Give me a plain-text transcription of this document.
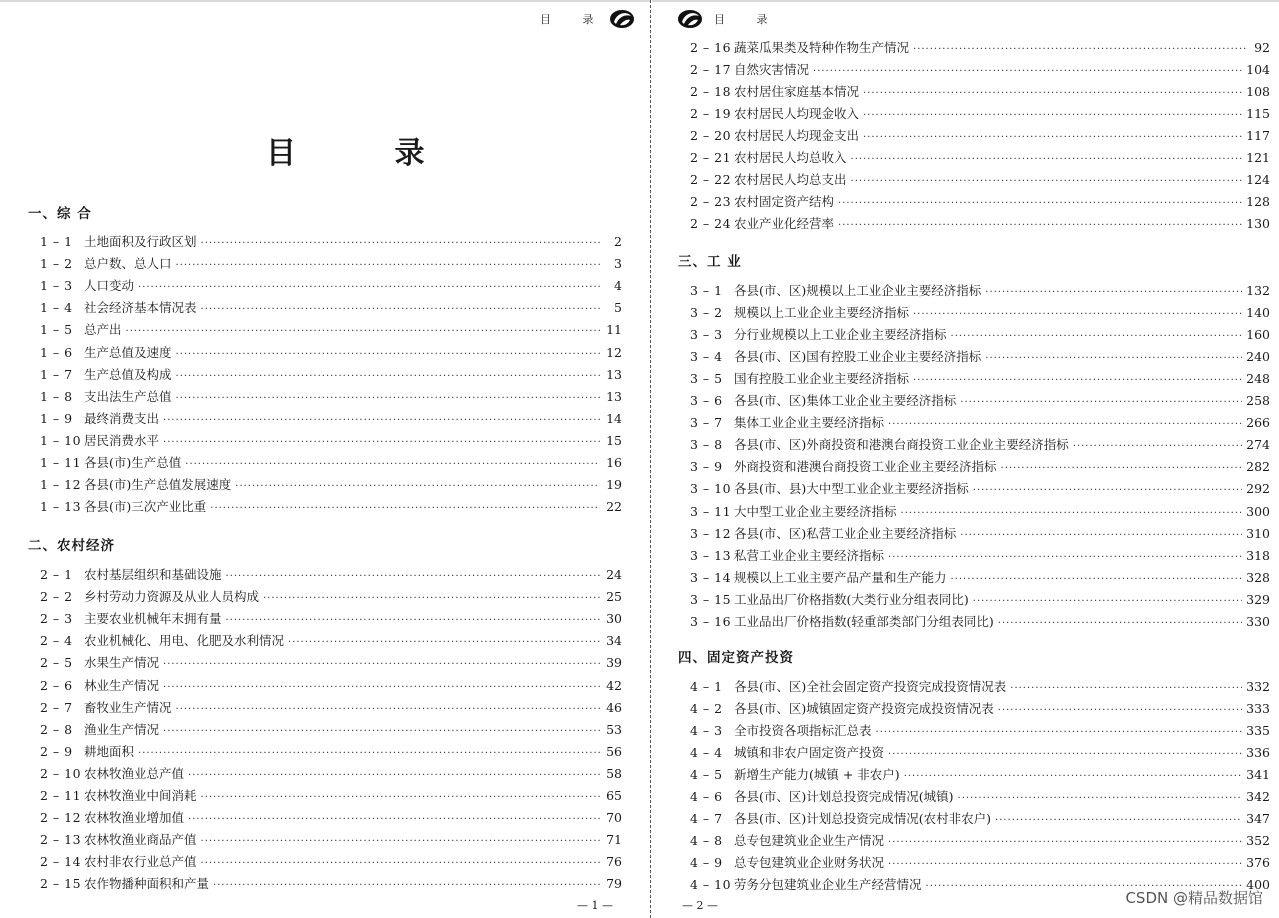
目 录
目 录
一、综 合
1 – 1 土地面积及行政区划 ·····	2
1 – 2 总户数、总人口 ·····	3
1 – 3 人口变动 ·····	4
1 – 4 社会经济基本情况表 ·····	5
1 – 5 总产出 ·····	11
1 – 6 生产总值及速度 ·····	12
1 – 7 生产总值及构成 ·····	13
1 – 8 支出法生产总值 ·····	13
1 – 9 最终消费支出 ·····	14
1 – 10 居民消费水平 ·····	15
1 – 11 各县(市)生产总值 ·····	16
1 – 12 各县(市)生产总值发展速度 ·····	19
1 – 13 各县(市)三次产业比重 ·····	22
二、农村经济
2 – 1 农村基层组织和基础设施 ·····	24
2 – 2 乡村劳动力资源及从业人员构成 ·····	25
2 – 3 主要农业机械年末拥有量 ·····	30
2 – 4 农业机械化、用电、化肥及水利情况 ·····	34
2 – 5 水果生产情况 ·····	39
2 – 6 林业生产情况 ·····	42
2 – 7 畜牧业生产情况 ·····	46
2 – 8 渔业生产情况 ·····	53
2 – 9 耕地面积 ·····	56
2 – 10 农林牧渔业总产值 ·····	58
2 – 11 农林牧渔业中间消耗 ·····	65
2 – 12 农林牧渔业增加值 ·····	70
2 – 13 农林牧渔业商品产值 ·····	71
2 – 14 农村非农行业总产值 ·····	76
2 – 15 农作物播种面积和产量 ·····	79
— 1 —
目 录
2 – 16 蔬菜瓜果类及特种作物生产情况 ·····	92
2 – 17 自然灾害情况 ·····	104
2 – 18 农村居住家庭基本情况 ·····	108
2 – 19 农村居民人均现金收入 ·····	115
2 – 20 农村居民人均现金支出 ·····	117
2 – 21 农村居民人均总收入 ·····	121
2 – 22 农村居民人均总支出 ·····	124
2 – 23 农村固定资产结构 ·····	128
2 – 24 农业产业化经营率 ·····	130
三、工 业
3 – 1 各县(市、区)规模以上工业企业主要经济指标 ·····	132
3 – 2 规模以上工业企业主要经济指标 ·····	140
3 – 3 分行业规模以上工业企业主要经济指标 ·····	160
3 – 4 各县(市、区)国有控股工业企业主要经济指标 ·····	240
3 – 5 国有控股工业企业主要经济指标 ·····	248
3 – 6 各县(市、区)集体工业企业主要经济指标 ·····	258
3 – 7 集体工业企业主要经济指标 ·····	266
3 – 8 各县(市、区)外商投资和港澳台商投资工业企业主要经济指标 ·····	274
3 – 9 外商投资和港澳台商投资工业企业主要经济指标 ·····	282
3 – 10 各县(市、县)大中型工业企业主要经济指标 ·····	292
3 – 11 大中型工业企业主要经济指标 ·····	300
3 – 12 各县(市、区)私营工业企业主要经济指标 ·····	310
3 – 13 私营工业企业主要经济指标 ·····	318
3 – 14 规模以上工业主要产品产量和生产能力 ·····	328
3 – 15 工业品出厂价格指数(大类行业分组表同比) ·····	329
3 – 16 工业品出厂价格指数(轻重部类部门分组表同比) ·····	330
四、固定资产投资
4 – 1 各县(市、区)全社会固定资产投资完成投资情况表 ·····	332
4 – 2 各县(市、区)城镇固定资产投资完成投资情况表 ·····	333
4 – 3 全市投资各项指标汇总表 ·····	335
4 – 4 城镇和非农户固定资产投资 ·····	336
4 – 5 新增生产能力(城镇 + 非农户) ·····	341
4 – 6 各县(市、区)计划总投资完成情况(城镇) ·····	342
4 – 7 各县(市、区)计划总投资完成情况(农村非农户) ·····	347
4 – 8 总专包建筑业企业生产情况 ·····	352
4 – 9 总专包建筑业企业财务状况 ·····	376
4 – 10 劳务分包建筑业企业生产经营情况 ·····	400
— 2 —	CSDN @精品数据馆
